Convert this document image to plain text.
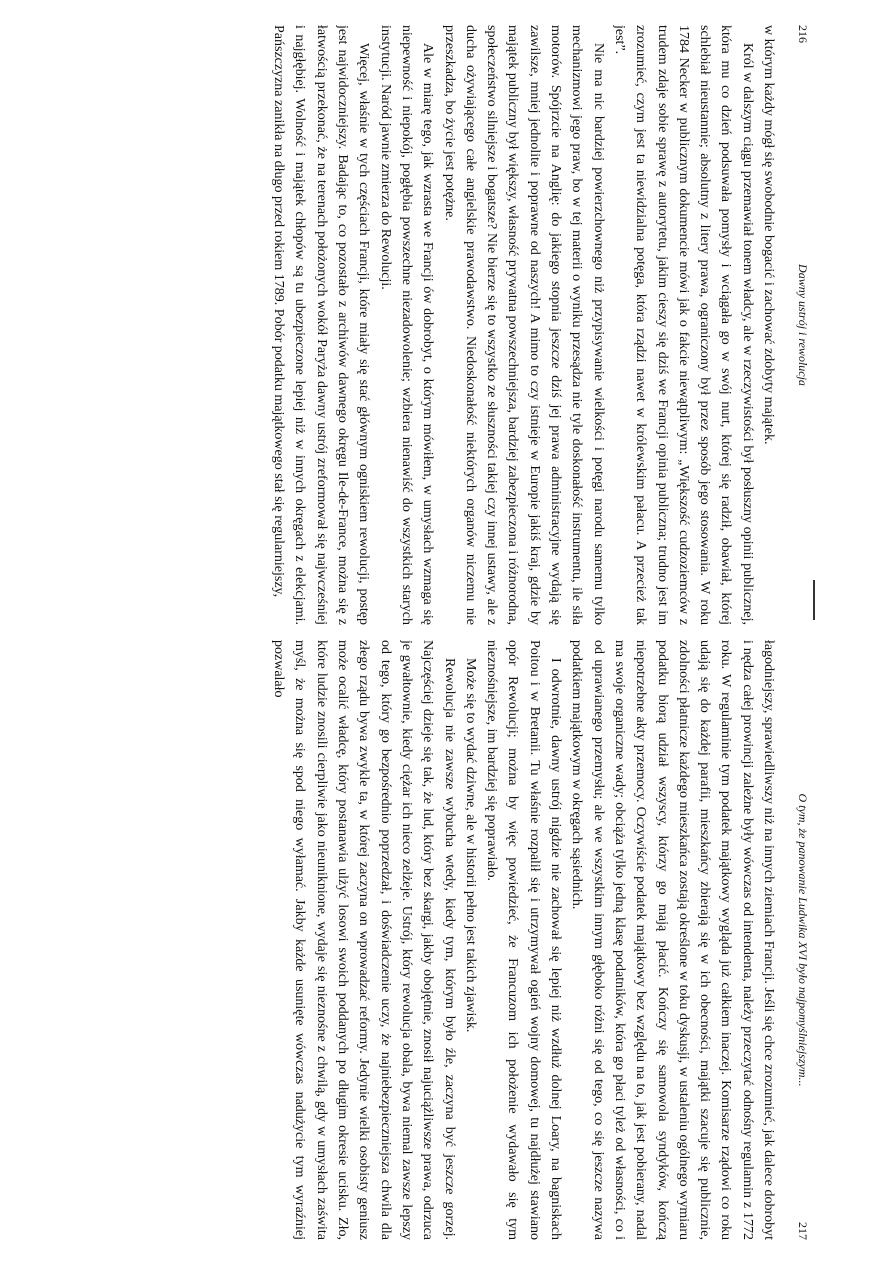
216
Dawny ustrój i rewolucja

w którym każdy mógł się swobodnie bogacić i zachować zdobyty majątek.

Król w dalszym ciągu przemawiał tonem władcy, ale w rzeczywistości był posłuszny opinii publicznej, która mu co dzień podsuwała pomysły i wciągała go w swój nurt, której się radził, obawiał, której schlebiał nieustannie; absolutny z litery prawa, ograniczony był przez sposób jego stosowania. W roku 1784 Necker w publicznym dokumencie mówi jak o fakcie niewątpliwym: „Większość cudzoziemców z trudem zdaje sobie sprawę z autorytetu, jakim cieszy się dziś we Francji opinia publiczna; trudno jest im zrozumieć, czym jest ta niewidzialna potęga, która rządzi nawet w królewskim pałacu. A przecież tak jest”.

Nie ma nic bardziej powierzchownego niż przypisywanie wielkości i potęgi narodu samemu tylko mechanizmowi jego praw, bo w tej materii o wyniku przesądza nie tyle doskonałość instrumentu, ile siła motorów. Spójrzcie na Anglię: do jakiego stopnia jeszcze dziś jej prawa administracyjne wydają się zawilsze, mniej jednolite i poprawne od naszych! A mimo to czy istnieje w Europie jakiś kraj, gdzie by majątek publiczny był większy, własność prywatna powszechniejsza, bardziej zabezpieczona i różnorodna, społeczeństwo silniejsze i bogatsze? Nie bierze się to wszystko ze słuszności takiej czy innej ustawy, ale z ducha ożywiającego całe angielskie prawodawstwo. Niedoskonałość niektórych organów niczemu nie przeszkadza, bo życie jest potężne.

Ale w miarę tego, jak wzrasta we Francji ów dobrobyt, o którym mówiłem, w umysłach wzmaga się niepewność i niepokój, pogłębia powszechne niezadowolenie; wzbiera nienawiść do wszystkich starych instytucji. Naród jawnie zmierza do Rewolucji.

Więcej, właśnie w tych częściach Francji, które miały się stać głównym ogniskiem rewolucji, postęp jest najwidoczniejszy. Badając to, co pozostało z archiwów dawnego okręgu Ile-de-France, można się z łatwością przekonać, że na terenach położonych wokół Paryża dawny ustrój zreformował się najwcześniej i najgłębiej. Wolność i majątek chłopów są tu ubezpieczone lepiej niż w innych okręgach z elekcjami. Pańszczyzna zanikła na długo przed rokiem 1789. Pobór podatku majątkowego stał się regularniejszy,

O tym, że panowanie Ludwika XVI było najpomyślniejszym...
217

łagodniejszy, sprawiedliwszy niż na innych ziemiach Francji. Jeśli się chce zrozumieć, jak dalece dobrobyt i nędza całej prowincji zależne były wówczas od intendenta, należy przeczytać odnośny regulamin z 1772 roku. W regulaminie tym podatek majątkowy wygląda już całkiem inaczej. Komisarze rządowi co roku udają się do każdej parafii, mieszkańcy zbierają się w ich obecności, majątki szacuje się publicznie, zdolności płatnicze każdego mieszkańca zostają określone w toku dyskusji, w ustaleniu ogólnego wymiaru podatku biorą udział wszyscy, którzy go mają płacić. Kończy się samowola syndyków, kończą niepotrzebne akty przemocy. Oczywiście podatek majątkowy bez względu na to, jak jest pobierany, nadal ma swoje organiczne wady; obciąża tylko jedną klasę podatników, która go płaci tyleż od własności, co i od uprawianego przemysłu; ale we wszystkim innym głęboko różni się od tego, co się jeszcze nazywa podatkiem majątkowym w okręgach sąsiednich.

I odwrotnie, dawny ustrój nigdzie nie zachował się lepiej niż wzdłuż dolnej Loary, na bagniskach Poitou i w Bretanii. Tu właśnie rozpalił się i utrzymywał ogień wojny domowej, tu najdłużej stawiano opór Rewolucji; można by więc powiedzieć, że Francuzom ich położenie wydawało się tym nieznośniejsze, im bardziej się poprawiało.

Może się to wydać dziwne, ale w historii pełno jest takich zjawisk.

Rewolucja nie zawsze wybucha wtedy, kiedy tym, którym było źle, zaczyna być jeszcze gorzej. Najczęściej dzieje się tak, że lud, który bez skargi, jakby obojętnie, znosił najuciążliwsze prawa, odrzuca je gwałtownie, kiedy ciężar ich nieco zelżeje. Ustrój, który rewolucja obala, bywa niemal zawsze lepszy od tego, który go bezpośrednio poprzedzał, i doświadczenie uczy, że najniebezpieczniejsza chwila dla złego rządu bywa zwykle ta, w której zaczyna on wprowadzać reformy. Jedynie wielki osobisty geniusz może ocalić władcę, który postanawia ulżyć losowi swoich poddanych po długim okresie ucisku. Zło, które ludzie znosili cierpliwie jako nieuniknione, wydaje się nieznośne z chwilą, gdy w umysłach zaświta myśl, że można się spod niego wyłamać. Jakby każde usunięte wówczas nadużycie tym wyraźniej pozwalało
